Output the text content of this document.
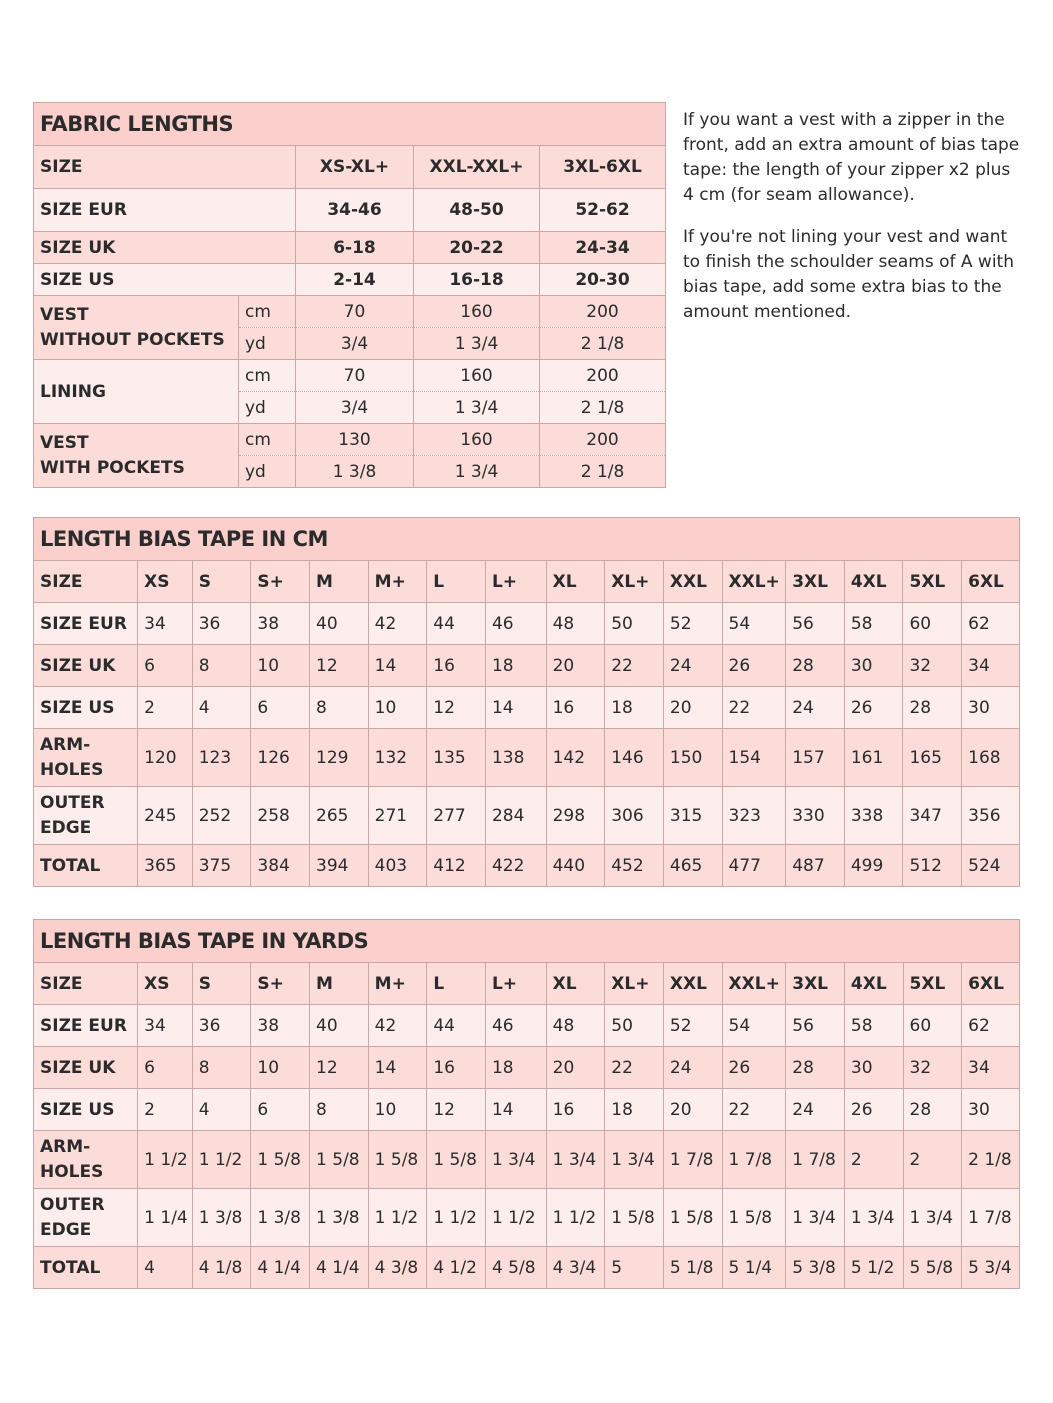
FABRIC LENGTHS				
SIZE		XS-XL+	XXL-XXL+	3XL-6XL
SIZE EUR		34-46	48-50	52-62
SIZE UK		6-18	20-22	24-34
SIZE US		2-14	16-18	20-30
VEST
WITHOUT POCKETS	cm	70	160	200
	yd	3/4	1 3/4	2 1/8
LINING	cm	70	160	200
	yd	3/4	1 3/4	2 1/8
VEST
WITH POCKETS	cm	130	160	200
	yd	1 3/8	1 3/4	2 1/8

If you want a vest with a zipper in the front, add an extra amount of bias tape tape: the length of your zipper x2 plus 4 cm (for seam allowance).

If you're not lining your vest and want to finish the schoulder seams of A with bias tape, add some extra bias to the amount mentioned.

LENGTH BIAS TAPE IN CM															
SIZE	XS	S	S+	M	M+	L	L+	XL	XL+	XXL	XXL+	3XL	4XL	5XL	6XL
SIZE EUR	34	36	38	40	42	44	46	48	50	52	54	56	58	60	62
SIZE UK	6	8	10	12	14	16	18	20	22	24	26	28	30	32	34
SIZE US	2	4	6	8	10	12	14	16	18	20	22	24	26	28	30
ARM-
HOLES	120	123	126	129	132	135	138	142	146	150	154	157	161	165	168
OUTER
EDGE	245	252	258	265	271	277	284	298	306	315	323	330	338	347	356
TOTAL	365	375	384	394	403	412	422	440	452	465	477	487	499	512	524
LENGTH BIAS TAPE IN YARDS															
SIZE	XS	S	S+	M	M+	L	L+	XL	XL+	XXL	XXL+	3XL	4XL	5XL	6XL
SIZE EUR	34	36	38	40	42	44	46	48	50	52	54	56	58	60	62
SIZE UK	6	8	10	12	14	16	18	20	22	24	26	28	30	32	34
SIZE US	2	4	6	8	10	12	14	16	18	20	22	24	26	28	30
ARM-
HOLES	1 1/2	1 1/2	1 5/8	1 5/8	1 5/8	1 5/8	1 3/4	1 3/4	1 3/4	1 7/8	1 7/8	1 7/8	2	2	2 1/8
OUTER
EDGE	1 1/4	1 3/8	1 3/8	1 3/8	1 1/2	1 1/2	1 1/2	1 1/2	1 5/8	1 5/8	1 5/8	1 3/4	1 3/4	1 3/4	1 7/8
TOTAL	4	4 1/8	4 1/4	4 1/4	4 3/8	4 1/2	4 5/8	4 3/4	5	5 1/8	5 1/4	5 3/8	5 1/2	5 5/8	5 3/4
